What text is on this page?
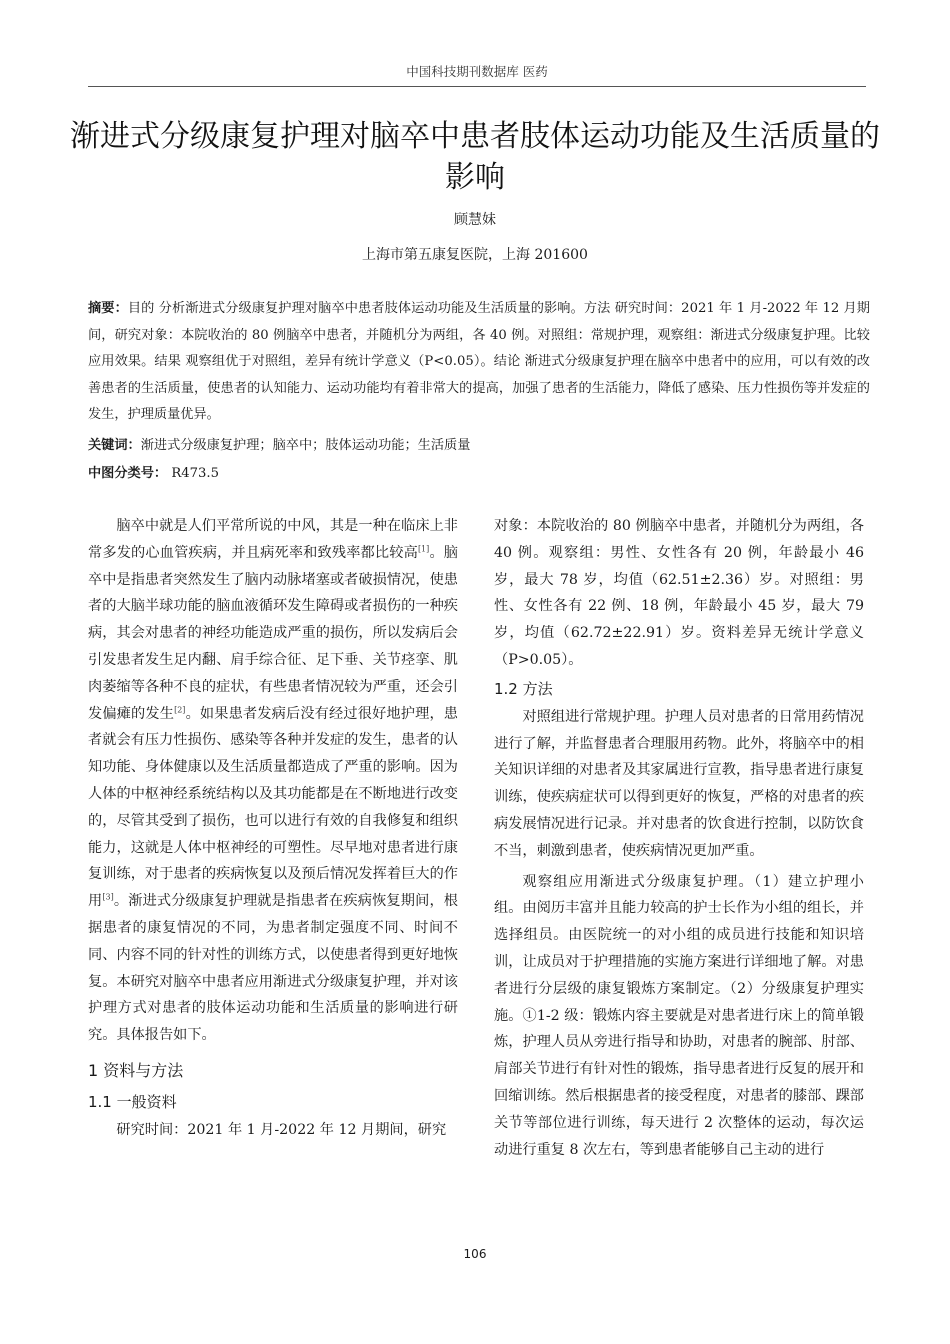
中国科技期刊数据库 医药
渐进式分级康复护理对脑卒中患者肢体运动功能及生活质量的影响
顾慧妹
上海市第五康复医院，上海 201600
摘要：目的 分析渐进式分级康复护理对脑卒中患者肢体运动功能及生活质量的影响。方法 研究时间：2021 年 1 月-2022 年 12 月期间，研究对象：本院收治的 80 例脑卒中患者，并随机分为两组，各 40 例。对照组：常规护理，观察组：渐进式分级康复护理。比较应用效果。结果 观察组优于对照组，差异有统计学意义（P<0.05）。结论 渐进式分级康复护理在脑卒中患者中的应用，可以有效的改善患者的生活质量，使患者的认知能力、运动功能均有着非常大的提高，加强了患者的生活能力，降低了感染、压力性损伤等并发症的发生，护理质量优异。
关键词：渐进式分级康复护理；脑卒中；肢体运动功能；生活质量
中图分类号： R473.5

脑卒中就是人们平常所说的中风，其是一种在临床上非常多发的心血管疾病，并且病死率和致残率都比较高[1]。脑卒中是指患者突然发生了脑内动脉堵塞或者破损情况，使患者的大脑半球功能的脑血液循环发生障碍或者损伤的一种疾病，其会对患者的神经功能造成严重的损伤，所以发病后会引发患者发生足内翻、肩手综合征、足下垂、关节痉挛、肌肉萎缩等各种不良的症状，有些患者情况较为严重，还会引发偏瘫的发生[2]。如果患者发病后没有经过很好地护理，患者就会有压力性损伤、感染等各种并发症的发生，患者的认知功能、身体健康以及生活质量都造成了严重的影响。因为人体的中枢神经系统结构以及其功能都是在不断地进行改变的，尽管其受到了损伤，也可以进行有效的自我修复和组织能力，这就是人体中枢神经的可塑性。尽早地对患者进行康复训练，对于患者的疾病恢复以及预后情况发挥着巨大的作用[3]。渐进式分级康复护理就是指患者在疾病恢复期间，根据患者的康复情况的不同，为患者制定强度不同、时间不同、内容不同的针对性的训练方式，以使患者得到更好地恢复。本研究对脑卒中患者应用渐进式分级康复护理，并对该护理方式对患者的肢体运动功能和生活质量的影响进行研究。具体报告如下。

1 资料与方法
1.1 一般资料

研究时间：2021 年 1 月-2022 年 12 月期间，研究

对象：本院收治的 80 例脑卒中患者，并随机分为两组，各 40 例。观察组：男性、女性各有 20 例，年龄最小 46 岁，最大 78 岁，均值（62.51±2.36）岁。对照组：男性、女性各有 22 例、18 例，年龄最小 45 岁，最大 79 岁，均值（62.72±22.91）岁。资料差异无统计学意义（P>0.05）。

1.2 方法

对照组进行常规护理。护理人员对患者的日常用药情况进行了解，并监督患者合理服用药物。此外，将脑卒中的相关知识详细的对患者及其家属进行宣教，指导患者进行康复训练，使疾病症状可以得到更好的恢复，严格的对患者的疾病发展情况进行记录。并对患者的饮食进行控制，以防饮食不当，刺激到患者，使疾病情况更加严重。

观察组应用渐进式分级康复护理。（1）建立护理小组。由阅历丰富并且能力较高的护士长作为小组的组长，并选择组员。由医院统一的对小组的成员进行技能和知识培训，让成员对于护理措施的实施方案进行详细地了解。对患者进行分层级的康复锻炼方案制定。（2）分级康复护理实施。①1-2 级：锻炼内容主要就是对患者进行床上的简单锻炼，护理人员从旁进行指导和协助，对患者的腕部、肘部、肩部关节进行有针对性的锻炼，指导患者进行反复的展开和回缩训练。然后根据患者的接受程度，对患者的膝部、踝部关节等部位进行训练，每天进行 2 次整体的运动，每次运动进行重复 8 次左右，等到患者能够自己主动的进行

106
